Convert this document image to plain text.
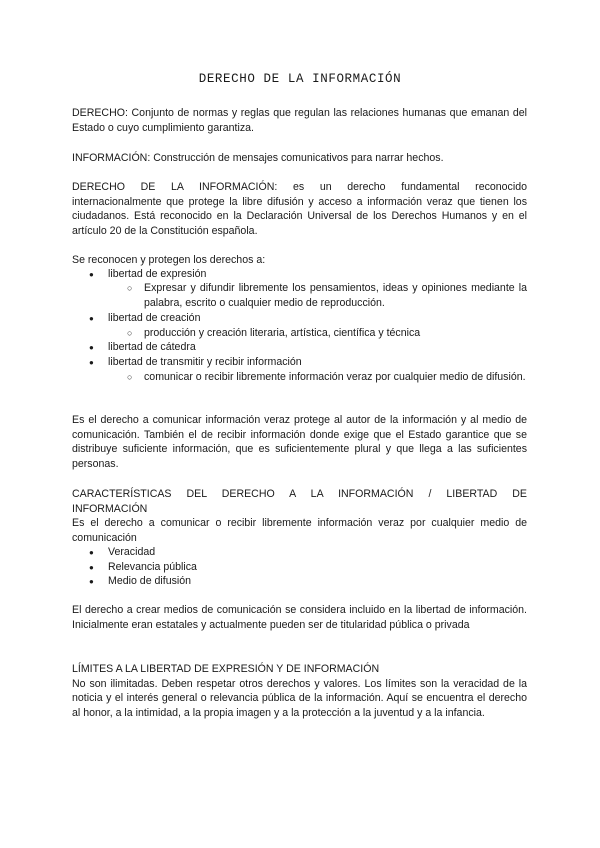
DERECHO DE LA INFORMACIÓN

DERECHO: Conjunto de normas y reglas que regulan las relaciones humanas que emanan del Estado o cuyo cumplimiento garantiza.

INFORMACIÓN: Construcción de mensajes comunicativos para narrar hechos.

DERECHO DE LA INFORMACIÓN: es un derecho fundamental reconocido

internacionalmente que protege la libre difusión y acceso a información veraz que tienen los ciudadanos. Está reconocido en la Declaración Universal de los Derechos Humanos y en el artículo 20 de la Constitución española.

Se reconocen y protegen los derechos a:

● libertad de expresión
○ Expresar y difundir libremente los pensamientos, ideas y opiniones mediante la palabra, escrito o cualquier medio de reproducción.

● libertad de creación
○ producción y creación literaria, artística, científica y técnica
● libertad de cátedra
● libertad de transmitir y recibir información
○ comunicar o recibir libremente información veraz por cualquier medio de difusión.

Es el derecho a comunicar información veraz protege al autor de la información y al medio de comunicación. También el de recibir información donde exige que el Estado garantice que se distribuye suficiente información, que es suficientemente plural y que llega a las suficientes personas.

CARACTERÍSTICAS DEL DERECHO A LA INFORMACIÓN / LIBERTAD DE

INFORMACIÓN

Es el derecho a comunicar o recibir libremente información veraz por cualquier medio de comunicación

● Veracidad
● Relevancia pública
● Medio de difusión

El derecho a crear medios de comunicación se considera incluido en la libertad de información. Inicialmente eran estatales y actualmente pueden ser de titularidad pública o privada

LÍMITES A LA LIBERTAD DE EXPRESIÓN Y DE INFORMACIÓN

No son ilimitadas. Deben respetar otros derechos y valores. Los límites son la veracidad de la noticia y el interés general o relevancia pública de la información. Aquí se encuentra el derecho al honor, a la intimidad, a la propia imagen y a la protección a la juventud y a la infancia.
